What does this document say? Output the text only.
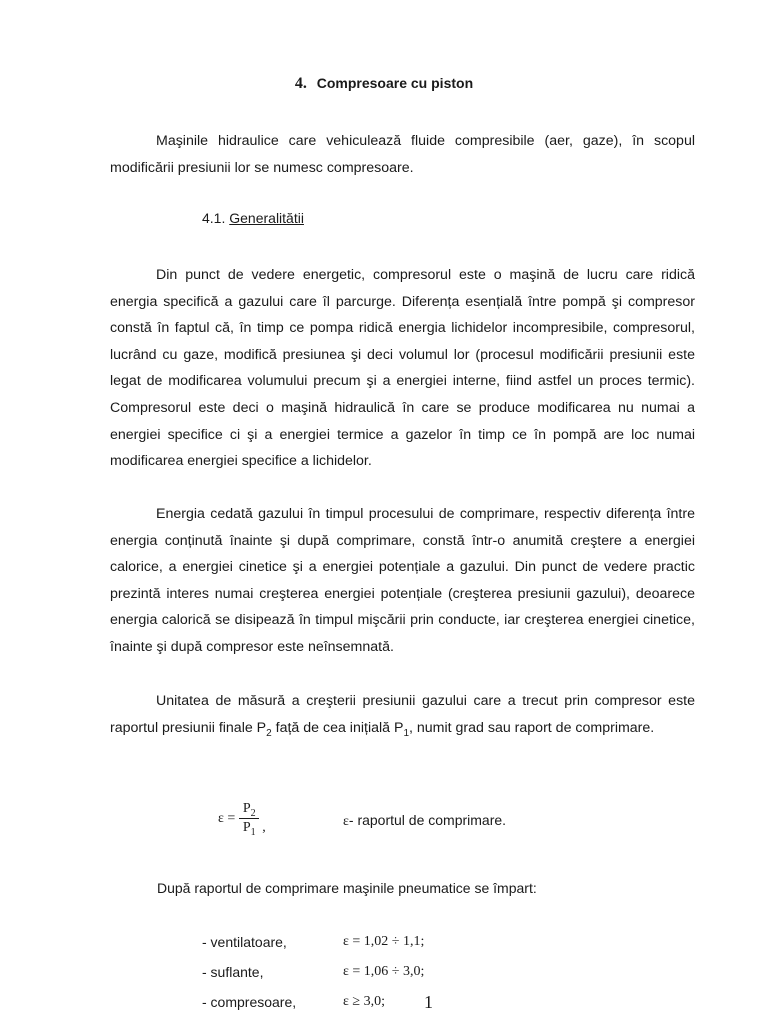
4. Compresoare cu piston

Maşinile hidraulice care vehiculează fluide compresibile (aer, gaze), în scopul modificării presiunii lor se numesc compresoare.

4.1. Generalitătii

Din punct de vedere energetic, compresorul este o maşină de lucru care ridică energia specifică a gazului care îl parcurge. Diferența esențială între pompă şi compresor constă în faptul că, în timp ce pompa ridică energia lichidelor incompresibile, compresorul, lucrând cu gaze, modifică presiunea şi deci volumul lor (procesul modificării presiunii este legat de modificarea volumului precum şi a energiei interne, fiind astfel un proces termic). Compresorul este deci o maşină hidraulică în care se produce modificarea nu numai a energiei specifice ci şi a energiei termice a gazelor în timp ce în pompă are loc numai modificarea energiei specifice a lichidelor.

Energia cedată gazului în timpul procesului de comprimare, respectiv diferența între energia conținută înainte şi după comprimare, constă într-o anumită creştere a energiei calorice, a energiei cinetice şi a energiei potențiale a gazului. Din punct de vedere practic prezintă interes numai creşterea energiei potențiale (creşterea presiunii gazului), deoarece energia calorică se disipează în timpul mişcării prin conducte, iar creşterea energiei cinetice, înainte şi după compresor este neînsemnată.

Unitatea de măsură a creşterii presiunii gazului care a trecut prin compresor este raportul presiunii finale $P_2$ față de cea inițială $P_1$, numit grad sau raport de comprimare.

$\varepsilon = \frac{P_2}{P_1}$ ,	ε- raportul de comprimare.
După raportul de comprimare maşinile pneumatice se împart:
- ventilatoare,	ε = 1,02 ÷ 1,1;
- suflante,	ε = 1,06 ÷ 3,0;
- compresoare,	ε ≥ 3,0; 1
